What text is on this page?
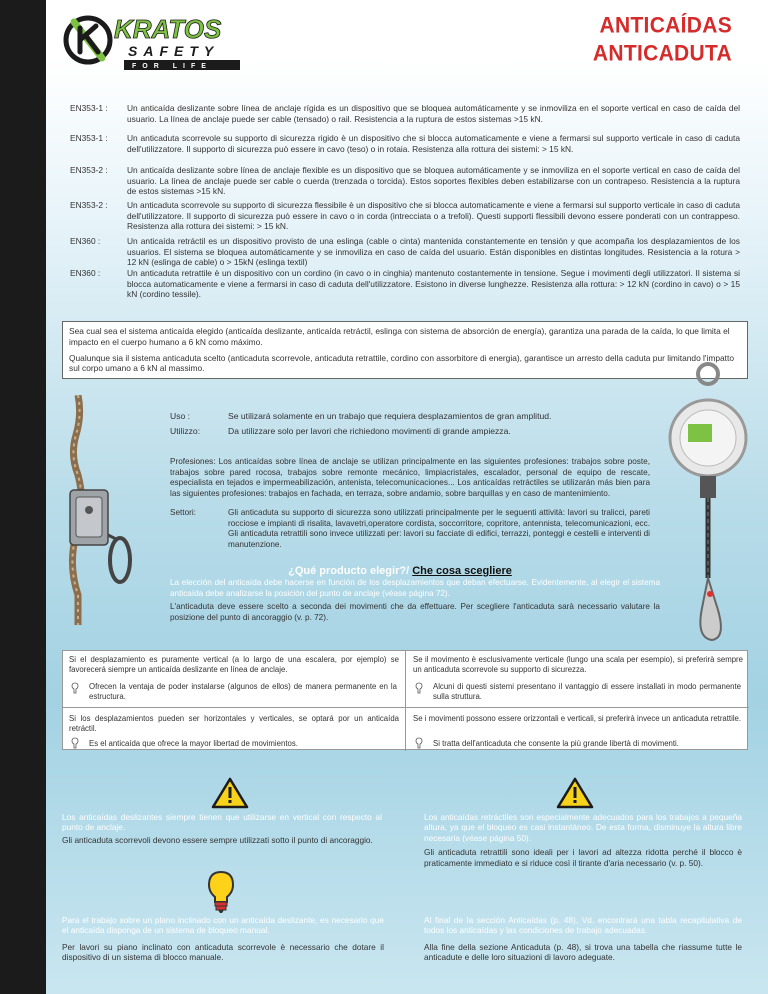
KRATOS
SAFETY
FOR LIFE
ANTICAÍDAS
ANTICADUTA
EN353-1 :	Un anticaída deslizante sobre línea de anclaje rígida es un dispositivo que se bloquea automáticamente y se inmoviliza en el soporte vertical en caso de caída del usuario. La línea de anclaje puede ser cable (tensado) o rail. Resistencia a la ruptura de estos sistemas >15 kN.
EN353-1 :	Un anticaduta scorrevole su supporto di sicurezza rigido è un dispositivo che si blocca automaticamente e viene a fermarsi sul supporto verticale in caso di caduta dell'utilizzatore. Il supporto di sicurezza può essere in cavo (teso) o in rotaia. Resistenza alla rottura dei sistemi: > 15 kN.
EN353-2 :	Un anticaída deslizante sobre línea de anclaje flexible es un dispositivo que se bloquea automáticamente y se inmoviliza en el soporte vertical en caso de caída del usuario. La línea de anclaje puede ser cable o cuerda (trenzada o torcida). Estos soportes flexibles deben estabilizarse con un contrapeso. Resistencia a la ruptura de estos sistemas >15 kN.
EN353-2 :	Un anticaduta scorrevole su supporto di sicurezza flessibile è un dispositivo che si blocca automaticamente e viene a fermarsi sul supporto verticale in caso di caduta dell'utilizzatore. Il supporto di sicurezza può essere in cavo o in corda (intrecciata o a trefoli). Questi supporti flessibili devono essere ponderati con un contrappeso. Resistenza alla rottura dei sistemi: > 15 kN.
EN360 :	Un anticaída retráctil es un dispositivo provisto de una eslinga (cable o cinta) mantenida constantemente en tensión y que acompaña los desplazamientos de los usuarios. El sistema se bloquea automáticamente y se inmoviliza en caso de caída del usuario. Están disponibles en distintas longitudes. Resistencia a la rotura > 12 kN (eslinga de cable) o > 15kN (eslinga textil)
EN360 :	Un anticaduta retrattile è un dispositivo con un cordino (in cavo o in cinghia) mantenuto costantemente in tensione. Segue i movimenti degli utilizzatori. Il sistema si blocca automaticamente e viene a fermarsi in caso di caduta dell'utilizzatore. Esistono in diverse lunghezze. Resistenza alla rottura: > 12 kN (cordino in cavo) o > 15 kN (cordino tessile).

Sea cual sea el sistema anticaída elegido (anticaída deslizante, anticaída retráctil, eslinga con sistema de absorción de energía), garantiza una parada de la caída, lo que limita el impacto en el cuerpo humano a 6 kN como máximo.

Qualunque sia il sistema anticaduta scelto (anticaduta scorrevole, anticaduta retrattile, cordino con assorbitore di energia), garantisce un arresto della caduta pur limitando l'impatto sul corpo umano a 6 kN al massimo.

Uso :	Se utilizará solamente en un trabajo que requiera desplazamientos de gran amplitud.
Utilizzo:	Da utilizzare solo per lavori che richiedono movimenti di grande ampiezza.
Profesiones: Los anticaídas sobre línea de anclaje se utilizan principalmente en las siguientes profesiones: trabajos sobre poste, trabajos sobre pared rocosa, trabajos sobre remonte mecánico, limpiacristales, escalador, personal de equipo de rescate, especialista en tejados e impermeabilización, antenista, telecomunicaciones... Los anticaídas retráctiles se utilizarán más bien para las siguientes profesiones: trabajos en fachada, en terraza, sobre andamio, sobre barquillas y en caso de mantenimiento.
Settori:	Gli anticaduta su supporto di sicurezza sono utilizzati principalmente per le seguenti attività: lavori su tralicci, pareti rocciose e impianti di risalita, lavavetri,operatore cordista, soccorritore, copritore, antennista, telecomunicazioni, ecc. Gli anticaduta retrattili sono invece utilizzati per: lavori su facciate di edifici, terrazzi, ponteggi e cestelli e interventi di manutenzione.
¿Qué producto elegir?/ Che cosa scegliere
La elección del anticaída debe hacerse en función de los desplazamientos que deban efectuarse. Evidentemente, al elegir el sistema anticaída debe analizarse la posición del punto de anclaje (véase página 72).
L'anticaduta deve essere scelto a seconda dei movimenti che da effettuare. Per scegliere l'anticaduta sarà necessario valutare la posizione del punto di ancoraggio (v. p. 72).
Si el desplazamiento es puramente vertical (a lo largo de una escalera, por ejemplo) se favorecerá siempre un anticaída deslizante en línea de anclaje.
Se il movimento è esclusivamente verticale (lungo una scala per esempio), si preferirà sempre un anticaduta scorrevole su supporto di sicurezza.
Ofrecen la ventaja de poder instalarse (algunos de ellos) de manera permanente en la estructura.
Alcuni di questi sistemi presentano il vantaggio di essere installati in modo permanente sulla struttura.
Si los desplazamientos pueden ser horizontales y verticales, se optará por un anticaída retráctil.
Se i movimenti possono essere orizzontali e verticali, si preferirà invece un anticaduta retrattile.
Es el anticaída que ofrece la mayor libertad de movimientos.	Si tratta dell'anticaduta che consente la più grande libertà di movimenti.
Los anticaídas deslizantes siempre tienen que utilizarse en vertical con respecto al punto de anclaje.
Gli anticaduta scorrevoli devono essere sempre utilizzati sotto il punto di ancoraggio.
Los anticaídas retráctiles son especialmente adecuados para los trabajos a pequeña altura, ya que el bloqueo es casi instantáneo. De esta forma, disminuye la altura libre necesaria (véase página 50).
Gli anticaduta retrattili sono ideali per i lavori ad altezza ridotta perché il blocco è praticamente immediato e si riduce così il tirante d'aria necessario (v. p. 50).
Para el trabajo sobre un plano inclinado con un anticaída deslizante, es necesario que el anticaída disponga de un sistema de bloqueo manual.
Per lavori su piano inclinato con anticaduta scorrevole è necessario che dotare il dispositivo di un sistema di blocco manuale.
Al final de la sección Anticaídas (p. 48), Vd. encontrará una tabla recapitulativa de todos los anticaídas y las condiciones de trabajo adecuadas.
Alla fine della sezione Anticaduta (p. 48), si trova una tabella che riassume tutte le anticadute e delle loro situazioni di lavoro adeguate.
